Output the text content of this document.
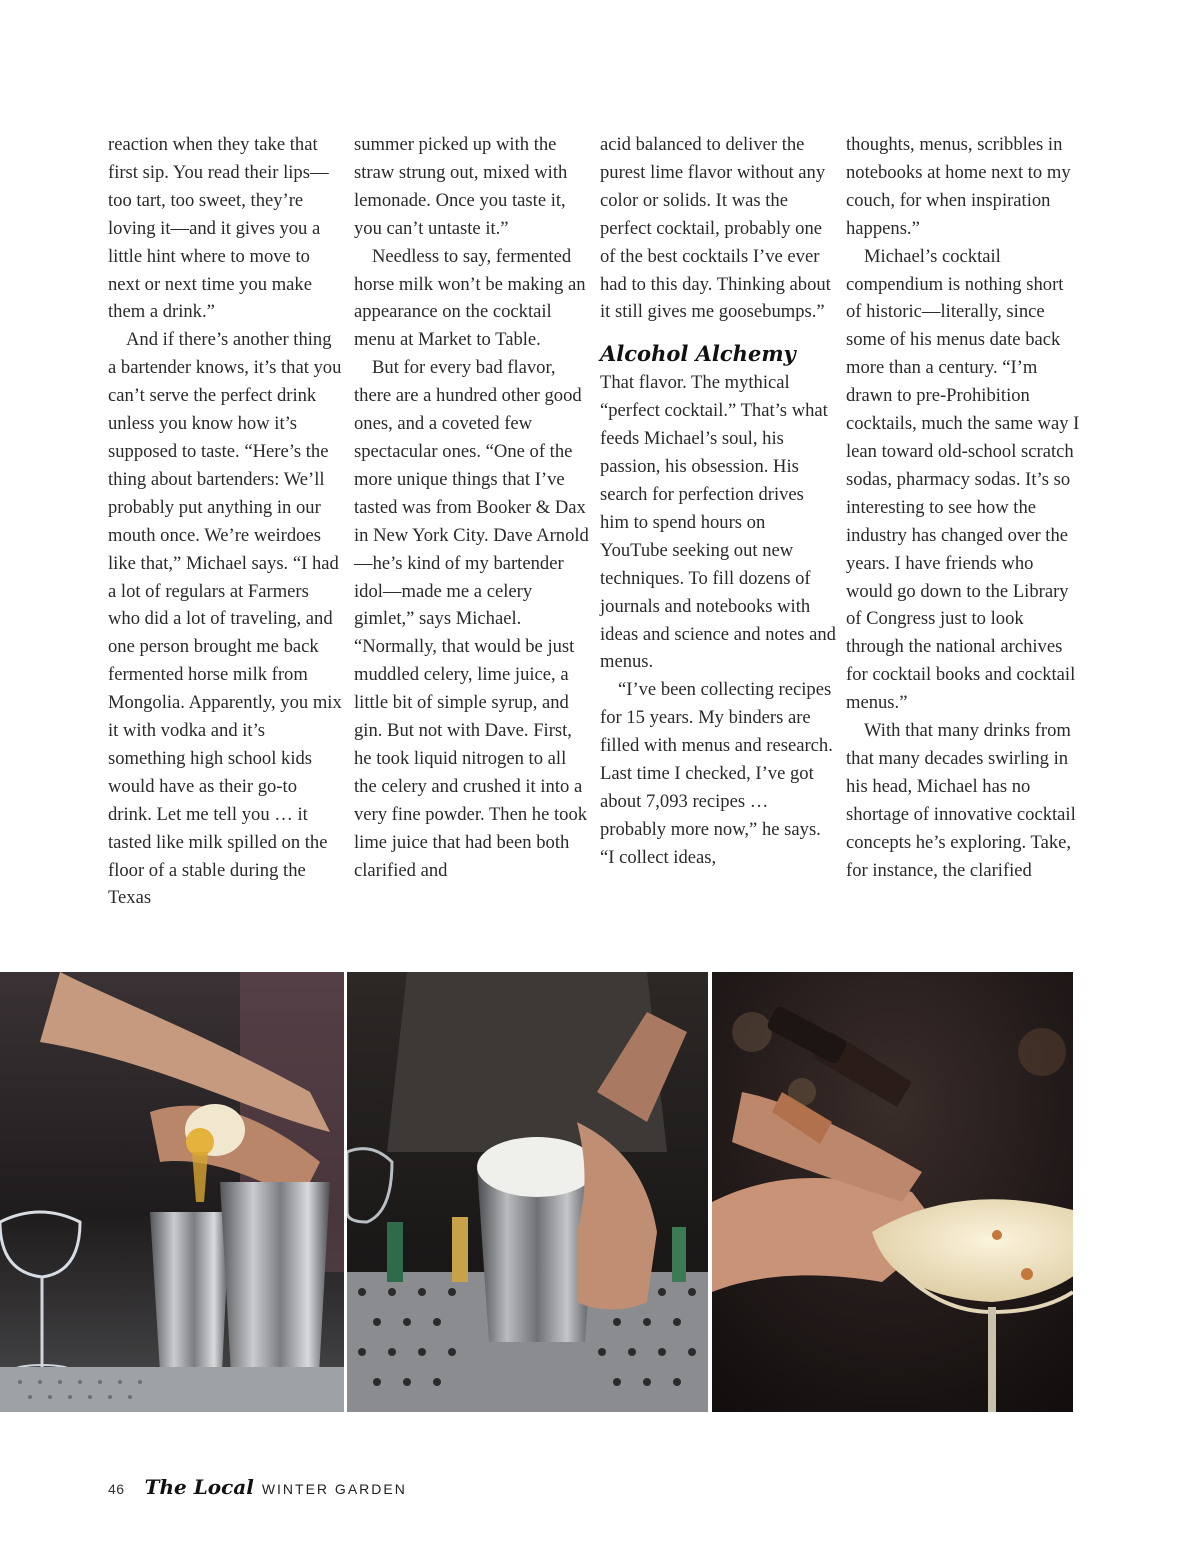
reaction when they take that first sip. You read their lips—too tart, too sweet, they’re loving it—and it gives you a little hint where to move to next or next time you make them a drink.”

And if there’s another thing a bartender knows, it’s that you can’t serve the perfect drink unless you know how it’s supposed to taste. “Here’s the thing about bartenders: We’ll probably put anything in our mouth once. We’re weirdoes like that,” Michael says. “I had a lot of regulars at Farmers who did a lot of traveling, and one person brought me back fermented horse milk from Mongolia. Apparently, you mix it with vodka and it’s something high school kids would have as their go-to drink. Let me tell you … it tasted like milk spilled on the floor of a stable during the Texas

summer picked up with the straw strung out, mixed with lemonade. Once you taste it, you can’t untaste it.”

Needless to say, fermented horse milk won’t be making an appearance on the cocktail menu at Market to Table.

But for every bad flavor, there are a hundred other good ones, and a coveted few spectacular ones. “One of the more unique things that I’ve tasted was from Booker & Dax in New York City. Dave Arnold—he’s kind of my bartender idol—made me a celery gimlet,” says Michael. “Normally, that would be just muddled celery, lime juice, a little bit of simple syrup, and gin. But not with Dave. First, he took liquid nitrogen to all the celery and crushed it into a very fine powder. Then he took lime juice that had been both clarified and

acid balanced to deliver the purest lime flavor without any color or solids. It was the perfect cocktail, probably one of the best cocktails I’ve ever had to this day. Thinking about it still gives me goosebumps.”

Alcohol Alchemy

That flavor. The mythical “perfect cocktail.” That’s what feeds Michael’s soul, his passion, his obsession. His search for perfection drives him to spend hours on YouTube seeking out new techniques. To fill dozens of journals and notebooks with ideas and science and notes and menus.

“I’ve been collecting recipes for 15 years. My binders are filled with menus and research. Last time I checked, I’ve got about 7,093 recipes … probably more now,” he says. “I collect ideas,

thoughts, menus, scribbles in notebooks at home next to my couch, for when inspiration happens.”

Michael’s cocktail compendium is nothing short of historic—literally, since some of his menus date back more than a century. “I’m drawn to pre-Prohibition cocktails, much the same way I lean toward old-school scratch sodas, pharmacy sodas. It’s so interesting to see how the industry has changed over the years. I have friends who would go down to the Library of Congress just to look through the national archives for cocktail books and cocktail menus.”

With that many drinks from that many decades swirling in his head, Michael has no shortage of innovative cocktail concepts he’s exploring. Take, for instance, the clarified

46 The Local WINTER GARDEN
